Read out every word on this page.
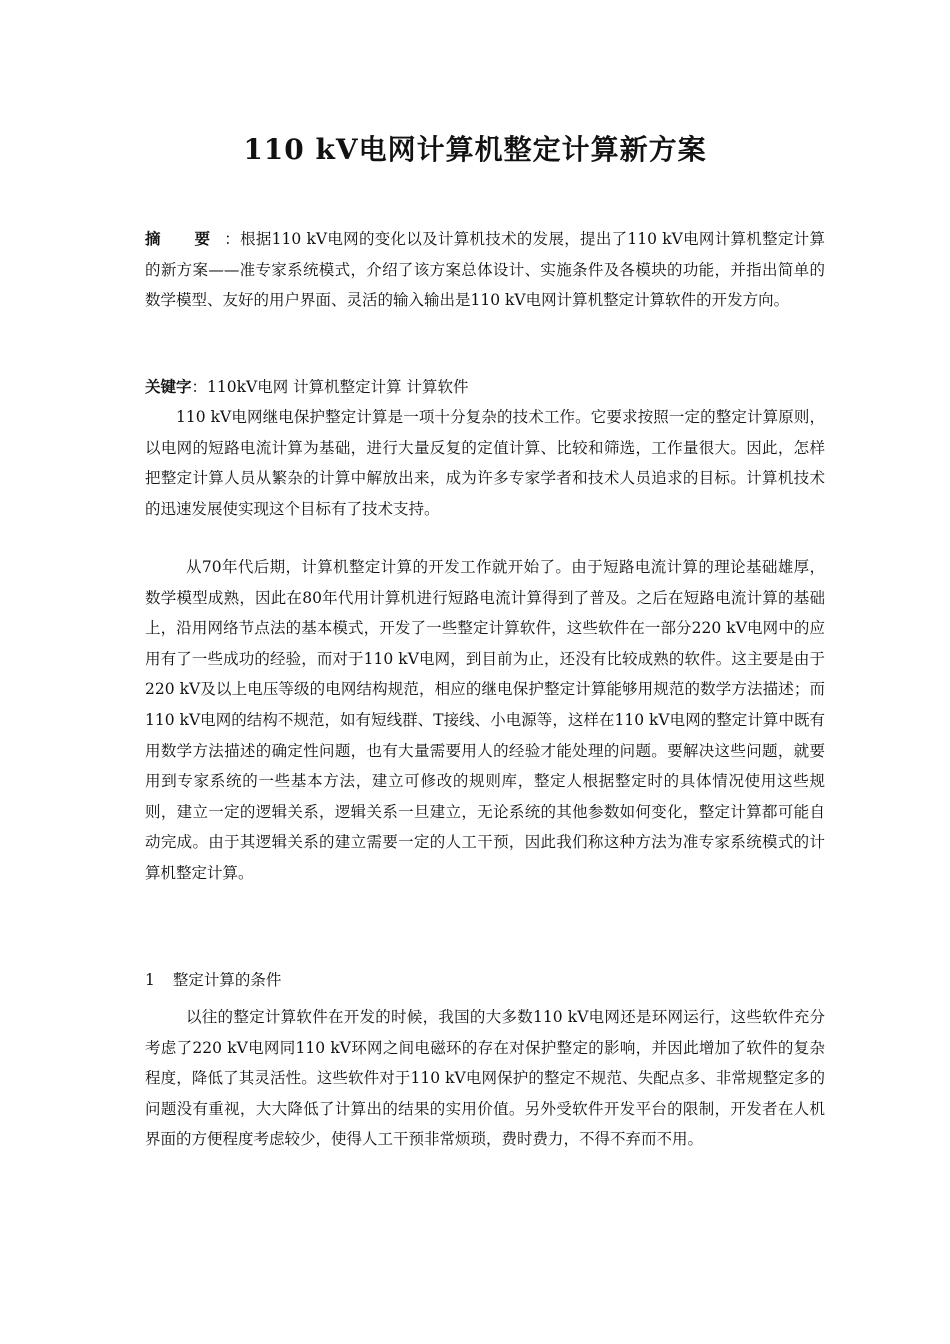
110 kV电网计算机整定计算新方案

摘 要：根据110 kV电网的变化以及计算机技术的发展，提出了110 kV电网计算机整定计算的新方案——准专家系统模式，介绍了该方案总体设计、实施条件及各模块的功能，并指出简单的数学模型、友好的用户界面、灵活的输入输出是110 kV电网计算机整定计算软件的开发方向。

关键字：110kV电网 计算机整定计算 计算软件

110 kV电网继电保护整定计算是一项十分复杂的技术工作。它要求按照一定的整定计算原则，以电网的短路电流计算为基础，进行大量反复的定值计算、比较和筛选，工作量很大。因此，怎样把整定计算人员从繁杂的计算中解放出来，成为许多专家学者和技术人员追求的目标。计算机技术的迅速发展使实现这个目标有了技术支持。

从70年代后期，计算机整定计算的开发工作就开始了。由于短路电流计算的理论基础雄厚，数学模型成熟，因此在80年代用计算机进行短路电流计算得到了普及。之后在短路电流计算的基础上，沿用网络节点法的基本模式，开发了一些整定计算软件，这些软件在一部分220 kV电网中的应用有了一些成功的经验，而对于110 kV电网，到目前为止，还没有比较成熟的软件。这主要是由于220 kV及以上电压等级的电网结构规范，相应的继电保护整定计算能够用规范的数学方法描述；而110 kV电网的结构不规范，如有短线群、T接线、小电源等，这样在110 kV电网的整定计算中既有用数学方法描述的确定性问题，也有大量需要用人的经验才能处理的问题。要解决这些问题，就要用到专家系统的一些基本方法，建立可修改的规则库，整定人根据整定时的具体情况使用这些规则，建立一定的逻辑关系，逻辑关系一旦建立，无论系统的其他参数如何变化，整定计算都可能自动完成。由于其逻辑关系的建立需要一定的人工干预，因此我们称这种方法为准专家系统模式的计算机整定计算。

1 整定计算的条件

以往的整定计算软件在开发的时候，我国的大多数110 kV电网还是环网运行，这些软件充分考虑了220 kV电网同110 kV环网之间电磁环的存在对保护整定的影响，并因此增加了软件的复杂程度，降低了其灵活性。这些软件对于110 kV电网保护的整定不规范、失配点多、非常规整定多的问题没有重视，大大降低了计算出的结果的实用价值。另外受软件开发平台的限制，开发者在人机界面的方便程度考虑较少，使得人工干预非常烦琐，费时费力，不得不弃而不用。
